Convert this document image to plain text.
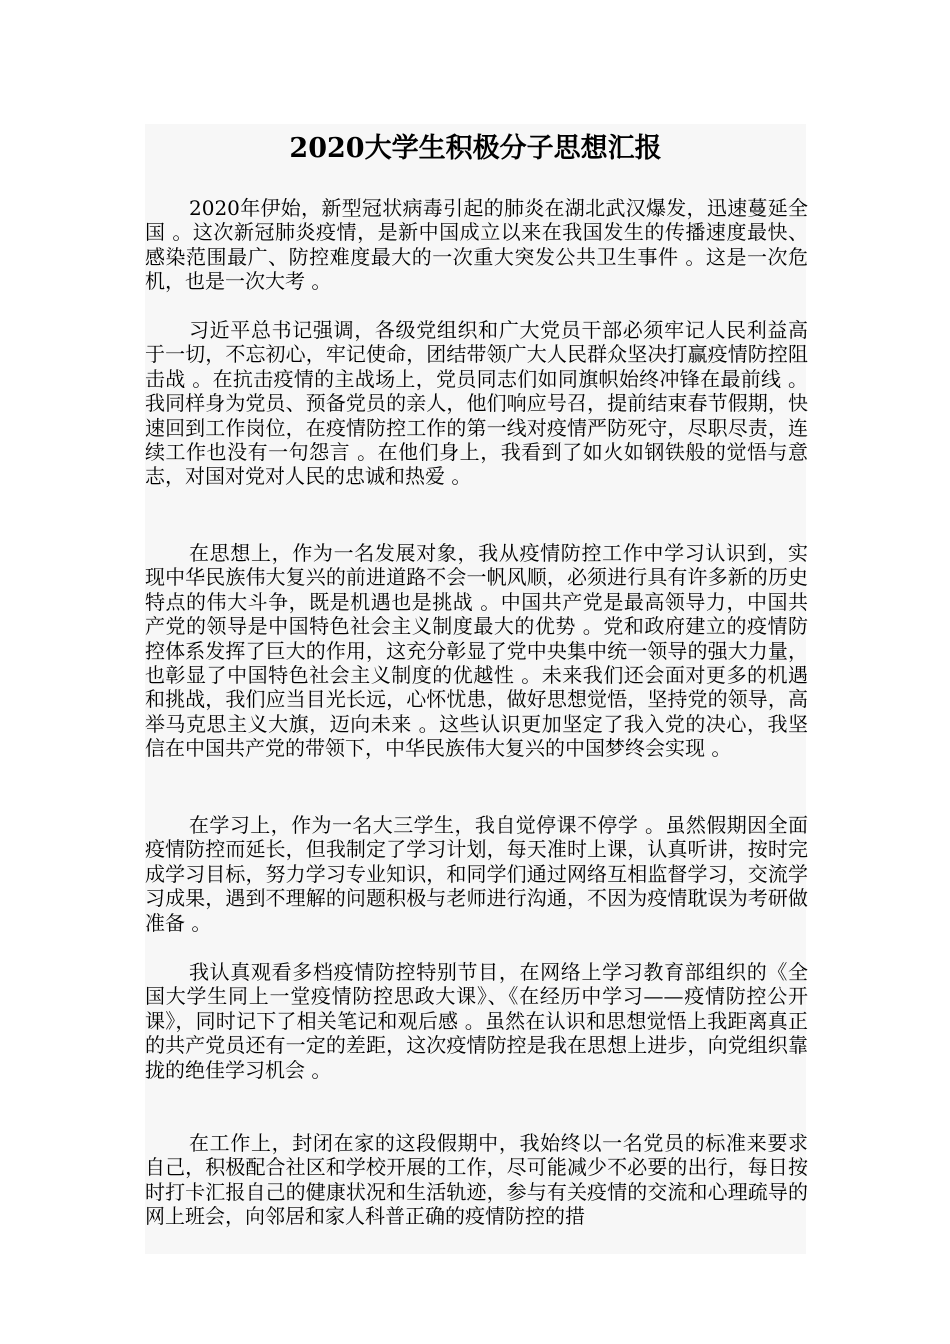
2020大学生积极分子思想汇报

2020年伊始，新型冠状病毒引起的肺炎在湖北武汉爆发，迅速蔓延全国 。这次新冠肺炎疫情，是新中国成立以来在我国发生的传播速度最快、感染范围最广、防控难度最大的一次重大突发公共卫生事件 。这是一次危机，也是一次大考 。

习近平总书记强调，各级党组织和广大党员干部必须牢记人民利益高于一切，不忘初心，牢记使命，团结带领广大人民群众坚决打赢疫情防控阻击战 。在抗击疫情的主战场上，党员同志们如同旗帜始终冲锋在最前线 。我同样身为党员、预备党员的亲人，他们响应号召，提前结束春节假期，快速回到工作岗位，在疫情防控工作的第一线对疫情严防死守，尽职尽责，连续工作也没有一句怨言 。在他们身上，我看到了如火如钢铁般的觉悟与意志，对国对党对人民的忠诚和热爱 。

在思想上，作为一名发展对象，我从疫情防控工作中学习认识到，实现中华民族伟大复兴的前进道路不会一帆风顺，必须进行具有许多新的历史特点的伟大斗争，既是机遇也是挑战 。中国共产党是最高领导力，中国共产党的领导是中国特色社会主义制度最大的优势 。党和政府建立的疫情防控体系发挥了巨大的作用，这充分彰显了党中央集中统一领导的强大力量，也彰显了中国特色社会主义制度的优越性 。未来我们还会面对更多的机遇和挑战，我们应当目光长远，心怀忧患，做好思想觉悟，坚持党的领导，高举马克思主义大旗，迈向未来 。这些认识更加坚定了我入党的决心，我坚信在中国共产党的带领下，中华民族伟大复兴的中国梦终会实现 。

在学习上，作为一名大三学生，我自觉停课不停学 。虽然假期因全面疫情防控而延长，但我制定了学习计划，每天准时上课，认真听讲，按时完成学习目标，努力学习专业知识，和同学们通过网络互相监督学习，交流学习成果，遇到不理解的问题积极与老师进行沟通，不因为疫情耽误为考研做准备 。

我认真观看多档疫情防控特别节目，在网络上学习教育部组织的《全国大学生同上一堂疫情防控思政大课》、《在经历中学习——疫情防控公开课》，同时记下了相关笔记和观后感 。虽然在认识和思想觉悟上我距离真正的共产党员还有一定的差距，这次疫情防控是我在思想上进步，向党组织靠拢的绝佳学习机会 。

在工作上，封闭在家的这段假期中，我始终以一名党员的标准来要求自己，积极配合社区和学校开展的工作，尽可能减少不必要的出行，每日按时打卡汇报自己的健康状况和生活轨迹，参与有关疫情的交流和心理疏导的网上班会，向邻居和家人科普正确的疫情防控的措
